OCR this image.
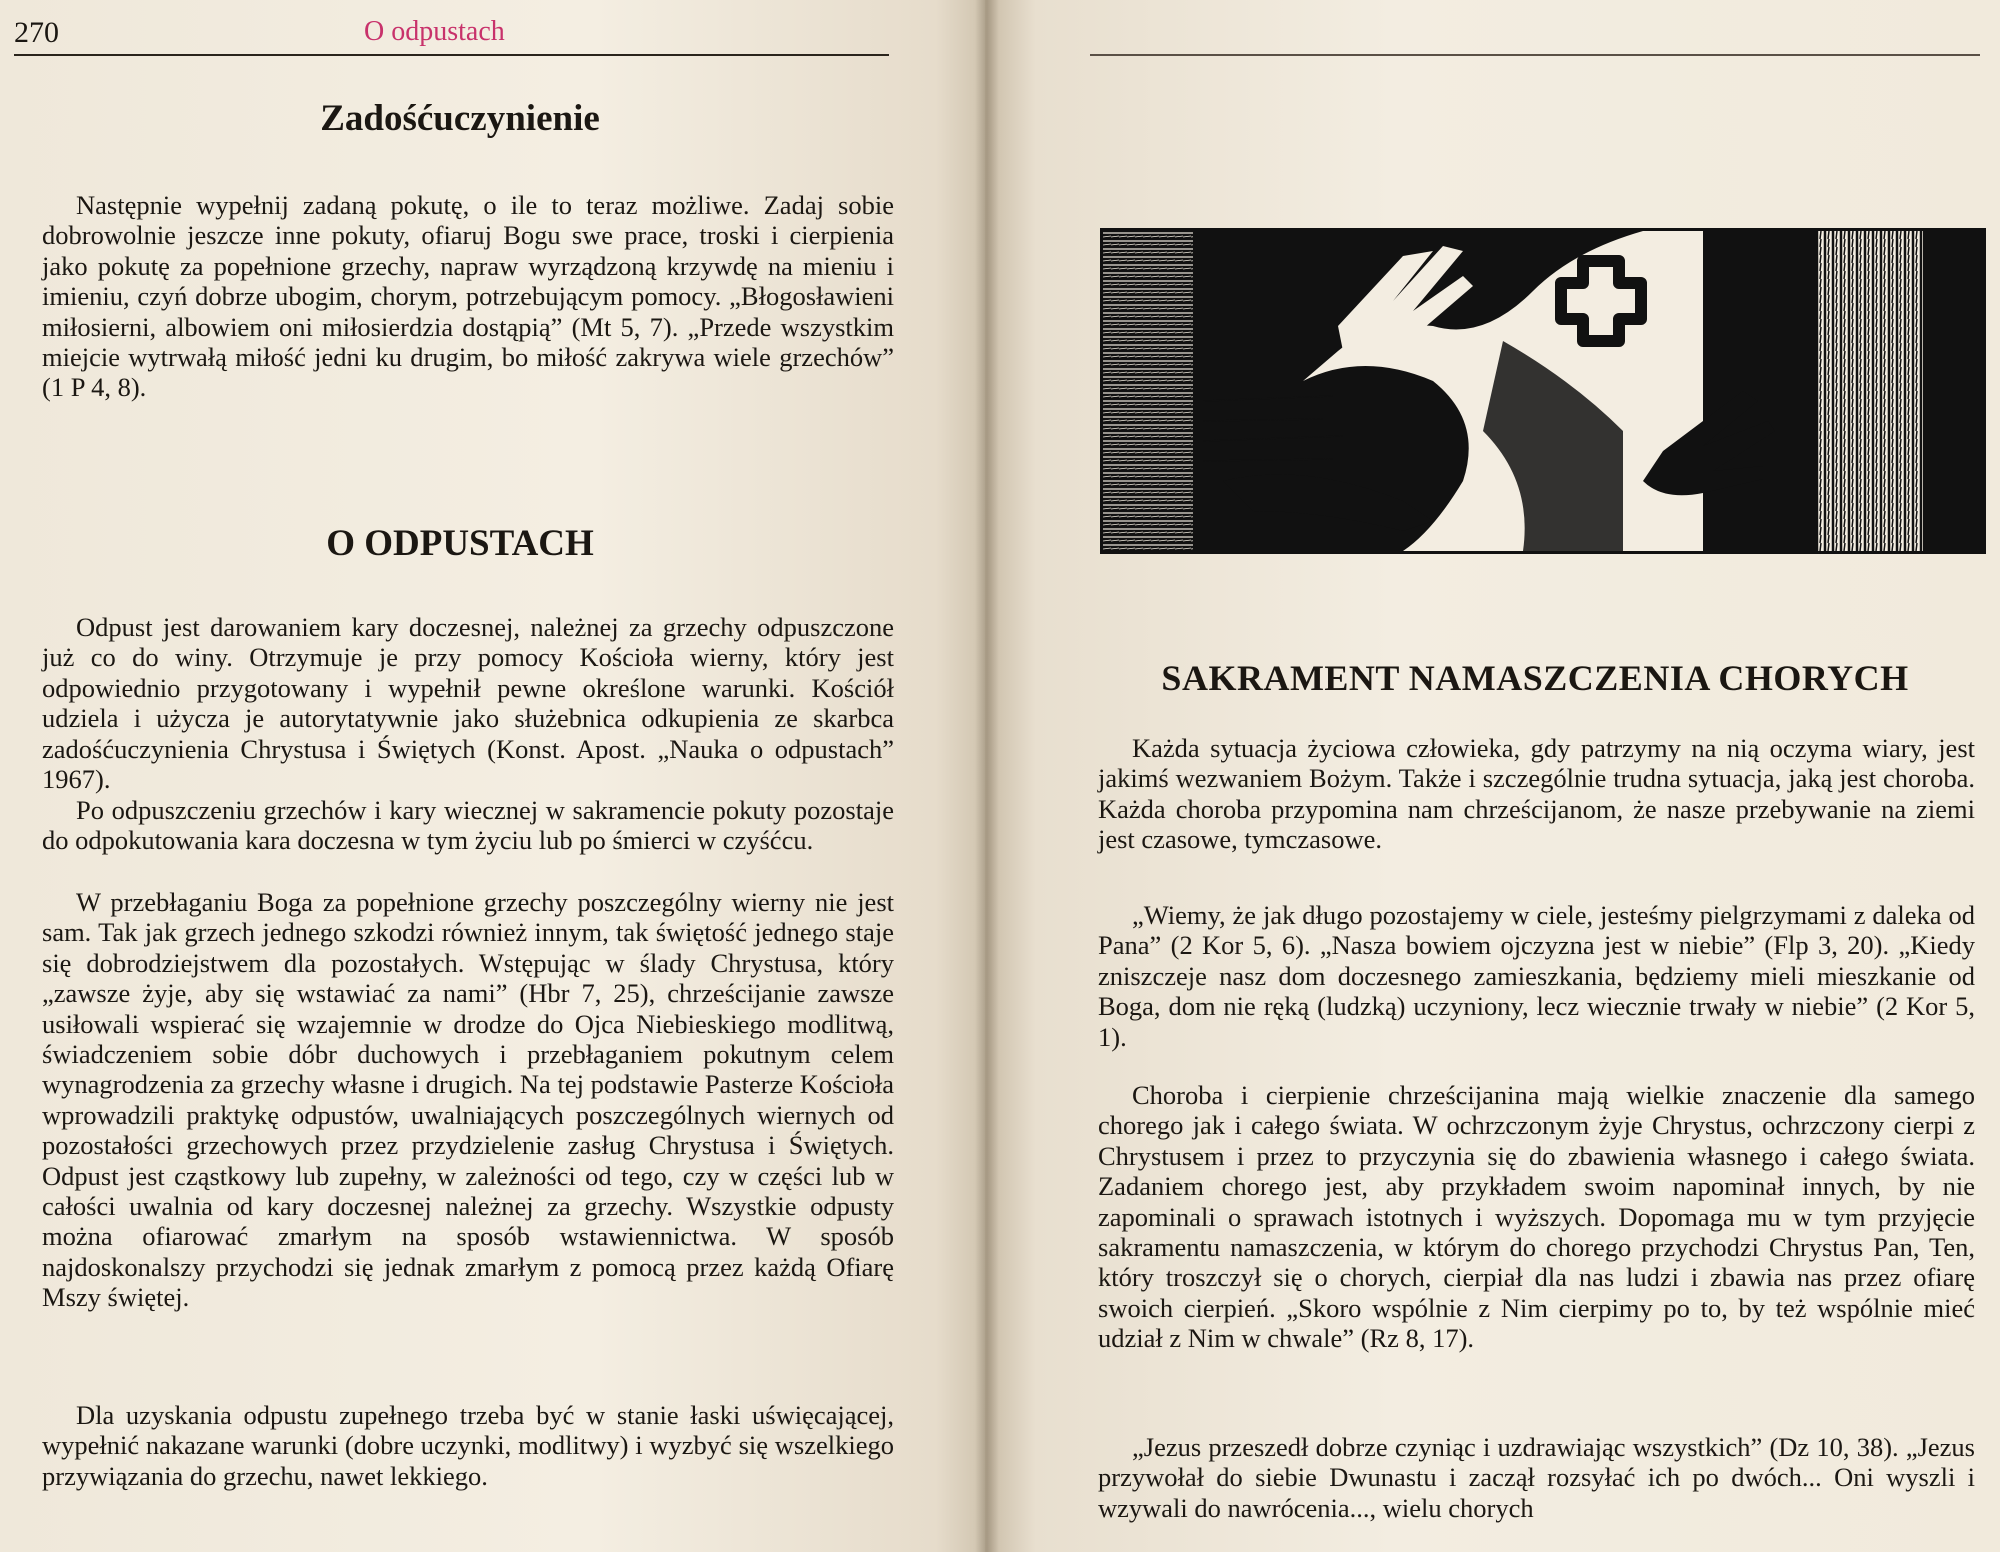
270	O odpustach
Zadośćuczynienie

Następnie wypełnij zadaną pokutę, o ile to teraz możliwe. Zadaj sobie dobrowolnie jeszcze inne pokuty, ofiaruj Bogu swe prace, troski i cierpienia jako pokutę za popełnione grzechy, napraw wyrządzoną krzywdę na mieniu i imieniu, czyń dobrze ubogim, chorym, potrzebującym pomocy. „Błogosławieni miłosierni, albowiem oni miłosierdzia dostąpią” (Mt 5, 7). „Przede wszystkim miejcie wytrwałą miłość jedni ku drugim, bo miłość zakrywa wiele grzechów” (1 P 4, 8).

O ODPUSTACH

Odpust jest darowaniem kary doczesnej, należnej za grzechy odpuszczone już co do winy. Otrzymuje je przy pomocy Kościoła wierny, który jest odpowiednio przygotowany i wypełnił pewne określone warunki. Kościół udziela i użycza je autorytatywnie jako służebnica odkupienia ze skarbca zadośćuczynienia Chrystusa i Świętych (Konst. Apost. „Nauka o odpustach” 1967).

Po odpuszczeniu grzechów i kary wiecznej w sakramencie pokuty pozostaje do odpokutowania kara doczesna w tym życiu lub po śmierci w czyśćcu.

W przebłaganiu Boga za popełnione grzechy poszczególny wierny nie jest sam. Tak jak grzech jednego szkodzi również innym, tak świętość jednego staje się dobrodziejstwem dla pozostałych. Wstępując w ślady Chrystusa, który „zawsze żyje, aby się wstawiać za nami” (Hbr 7, 25), chrześcijanie zawsze usiłowali wspierać się wzajemnie w drodze do Ojca Niebieskiego modlitwą, świadczeniem sobie dóbr duchowych i przebłaganiem pokutnym celem wynagrodzenia za grzechy własne i drugich. Na tej podstawie Pasterze Kościoła wprowadzili praktykę odpustów, uwalniających poszczególnych wiernych od pozostałości grzechowych przez przydzielenie zasług Chrystusa i Świętych. Odpust jest cząstkowy lub zupełny, w zależności od tego, czy w części lub w całości uwalnia od kary doczesnej należnej za grzechy. Wszystkie odpusty można ofiarować zmarłym na sposób wstawiennictwa. W sposób najdoskonalszy przychodzi się jednak zmarłym z pomocą przez każdą Ofiarę Mszy świętej.

Dla uzyskania odpustu zupełnego trzeba być w stanie łaski uświęcającej, wypełnić nakazane warunki (dobre uczynki, modlitwy) i wyzbyć się wszelkiego przywiązania do grzechu, nawet lekkiego.

SAKRAMENT NAMASZCZENIA CHORYCH

Każda sytuacja życiowa człowieka, gdy patrzymy na nią oczyma wiary, jest jakimś wezwaniem Bożym. Także i szczególnie trudna sytuacja, jaką jest choroba. Każda choroba przypomina nam chrześcijanom, że nasze przebywanie na ziemi jest czasowe, tymczasowe.

„Wiemy, że jak długo pozostajemy w ciele, jesteśmy pielgrzymami z daleka od Pana” (2 Kor 5, 6). „Nasza bowiem ojczyzna jest w niebie” (Flp 3, 20). „Kiedy zniszczeje nasz dom doczesnego zamieszkania, będziemy mieli mieszkanie od Boga, dom nie ręką (ludzką) uczyniony, lecz wiecznie trwały w niebie” (2 Kor 5, 1).

Choroba i cierpienie chrześcijanina mają wielkie znaczenie dla samego chorego jak i całego świata. W ochrzczonym żyje Chrystus, ochrzczony cierpi z Chrystusem i przez to przyczynia się do zbawienia własnego i całego świata. Zadaniem chorego jest, aby przykładem swoim napominał innych, by nie zapominali o sprawach istotnych i wyższych. Dopomaga mu w tym przyjęcie sakramentu namaszczenia, w którym do chorego przychodzi Chrystus Pan, Ten, który troszczył się o chorych, cierpiał dla nas ludzi i zbawia nas przez ofiarę swoich cierpień. „Skoro wspólnie z Nim cierpimy po to, by też wspólnie mieć udział z Nim w chwale” (Rz 8, 17).

„Jezus przeszedł dobrze czyniąc i uzdrawiając wszystkich” (Dz 10, 38). „Jezus przywołał do siebie Dwunastu i zaczął rozsyłać ich po dwóch... Oni wyszli i wzywali do nawrócenia..., wielu chorych
